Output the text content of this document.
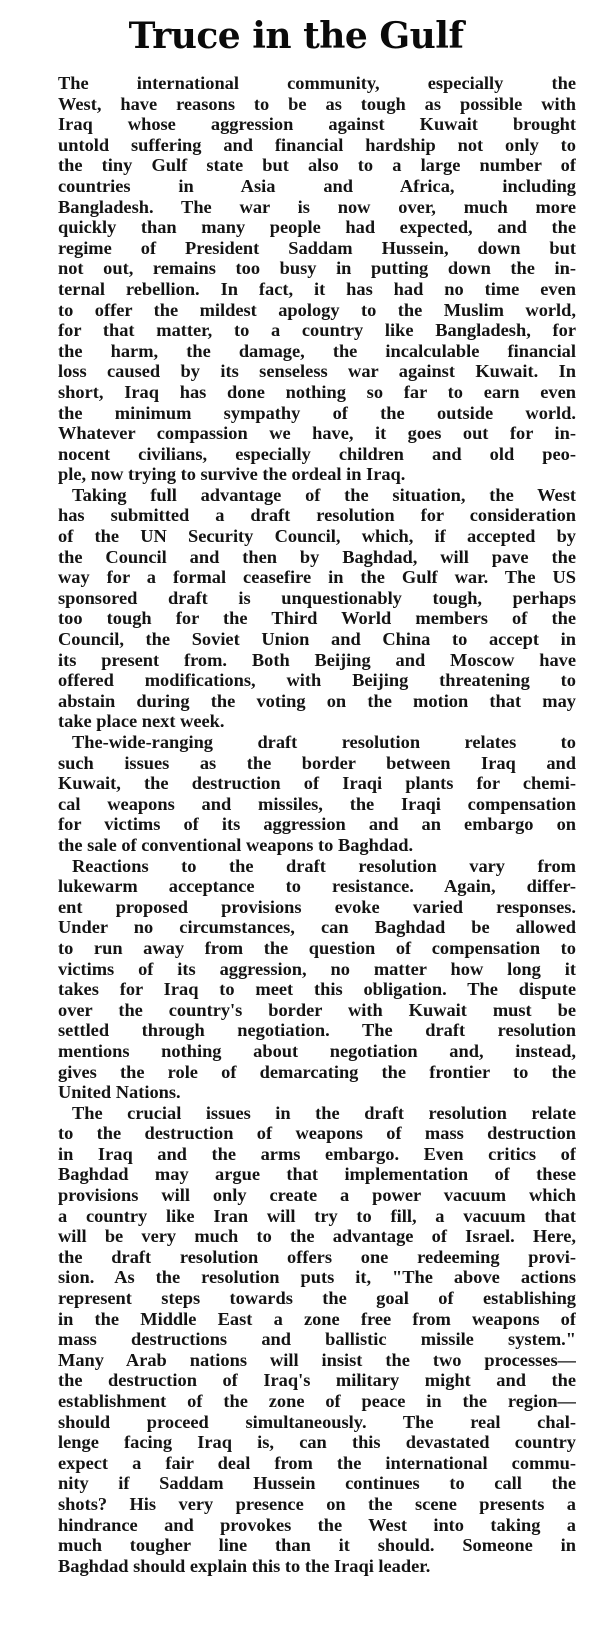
Truce in the Gulf

The international community, especially the
West, have reasons to be as tough as possible with
Iraq whose aggression against Kuwait brought
untold suffering and financial hardship not only to
the tiny Gulf state but also to a large number of
countries in Asia and Africa, including
Bangladesh. The war is now over, much more
quickly than many people had expected, and the
regime of President Saddam Hussein, down but
not out, remains too busy in putting down the in-
ternal rebellion. In fact, it has had no time even
to offer the mildest apology to the Muslim world,
for that matter, to a country like Bangladesh, for
the harm, the damage, the incalculable financial
loss caused by its senseless war against Kuwait. In
short, Iraq has done nothing so far to earn even
the minimum sympathy of the outside world.
Whatever compassion we have, it goes out for in-
nocent civilians, especially children and old peo-
ple, now trying to survive the ordeal in Iraq.

Taking full advantage of the situation, the West
has submitted a draft resolution for consideration
of the UN Security Council, which, if accepted by
the Council and then by Baghdad, will pave the
way for a formal ceasefire in the Gulf war. The US
sponsored draft is unquestionably tough, perhaps
too tough for the Third World members of the
Council, the Soviet Union and China to accept in
its present from. Both Beijing and Moscow have
offered modifications, with Beijing threatening to
abstain during the voting on the motion that may
take place next week.

The-wide-ranging draft resolution relates to
such issues as the border between Iraq and
Kuwait, the destruction of Iraqi plants for chemi-
cal weapons and missiles, the Iraqi compensation
for victims of its aggression and an embargo on
the sale of conventional weapons to Baghdad.

Reactions to the draft resolution vary from
lukewarm acceptance to resistance. Again, differ-
ent proposed provisions evoke varied responses.
Under no circumstances, can Baghdad be allowed
to run away from the question of compensation to
victims of its aggression, no matter how long it
takes for Iraq to meet this obligation. The dispute
over the country's border with Kuwait must be
settled through negotiation. The draft resolution
mentions nothing about negotiation and, instead,
gives the role of demarcating the frontier to the
United Nations.

The crucial issues in the draft resolution relate
to the destruction of weapons of mass destruction
in Iraq and the arms embargo. Even critics of
Baghdad may argue that implementation of these
provisions will only create a power vacuum which
a country like Iran will try to fill, a vacuum that
will be very much to the advantage of Israel. Here,
the draft resolution offers one redeeming provi-
sion. As the resolution puts it, "The above actions
represent steps towards the goal of establishing
in the Middle East a zone free from weapons of
mass destructions and ballistic missile system."
Many Arab nations will insist the two processes—
the destruction of Iraq's military might and the
establishment of the zone of peace in the region—
should proceed simultaneously. The real chal-
lenge facing Iraq is, can this devastated country
expect a fair deal from the international commu-
nity if Saddam Hussein continues to call the
shots? His very presence on the scene presents a
hindrance and provokes the West into taking a
much tougher line than it should. Someone in
Baghdad should explain this to the Iraqi leader.
